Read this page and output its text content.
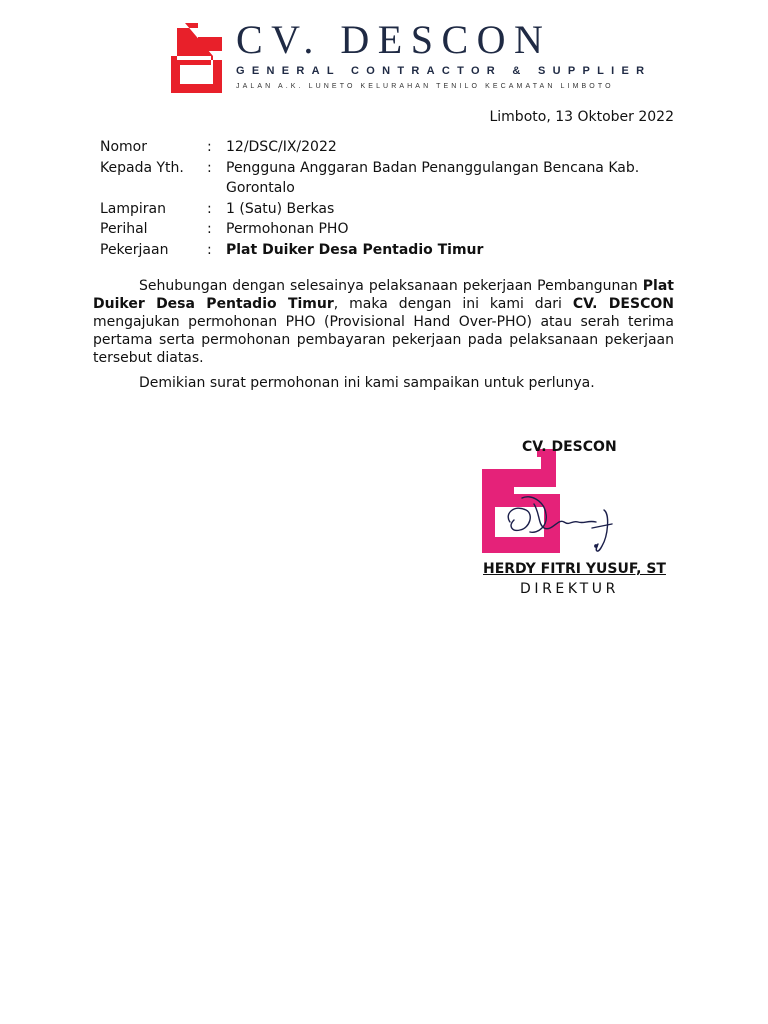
CV. DESCON
GENERAL CONTRACTOR & SUPPLIER
JALAN A.K. LUNETO KELURAHAN TENILO KECAMATAN LIMBOTO
Limboto, 13 Oktober 2022
Nomor	:	12/DSC/IX/2022
Kepada Yth.	:	Pengguna Anggaran Badan Penanggulangan Bencana Kab.
Gorontalo

Lampiran	:	1 (Satu) Berkas
Perihal	:	Permohonan PHO
Pekerjaan	:	Plat Duiker Desa Pentadio Timur

Sehubungan dengan selesainya pelaksanaan pekerjaan Pembangunan Plat Duiker Desa Pentadio Timur, maka dengan ini kami dari CV. DESCON mengajukan permohonan PHO (Provisional Hand Over-PHO) atau serah terima pertama serta permohonan pembayaran pekerjaan pada pelaksanaan pekerjaan tersebut diatas.

Demikian surat permohonan ini kami sampaikan untuk perlunya.

CV. DESCON
HERDY FITRI YUSUF, ST
DIREKTUR
